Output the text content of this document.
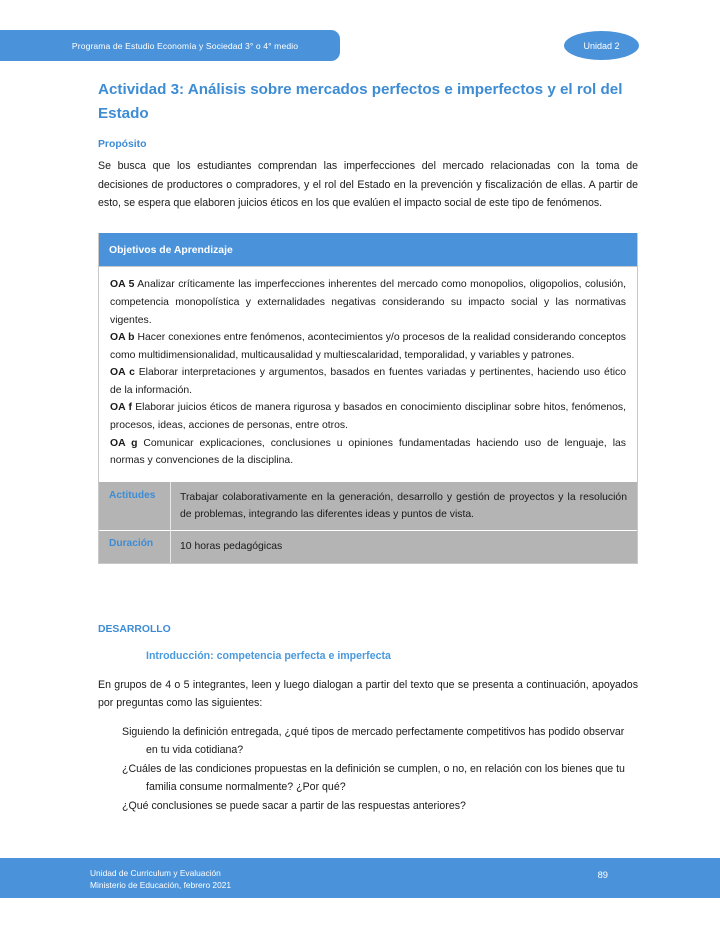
Programa de Estudio Economía y Sociedad 3° o 4° medio	Unidad 2
Actividad 3: Análisis sobre mercados perfectos e imperfectos y el rol del Estado
Propósito

Se busca que los estudiantes comprendan las imperfecciones del mercado relacionadas con la toma de decisiones de productores o compradores, y el rol del Estado en la prevención y fiscalización de ellas. A partir de esto, se espera que elaboren juicios éticos en los que evalúen el impacto social de este tipo de fenómenos.

Objetivos de Aprendizaje

OA 5 Analizar críticamente las imperfecciones inherentes del mercado como monopolios, oligopolios, colusión, competencia monopolística y externalidades negativas considerando su impacto social y las normativas vigentes.

OA b Hacer conexiones entre fenómenos, acontecimientos y/o procesos de la realidad considerando conceptos como multidimensionalidad, multicausalidad y multiescalaridad, temporalidad, y variables y patrones.

OA c Elaborar interpretaciones y argumentos, basados en fuentes variadas y pertinentes, haciendo uso ético de la información.

OA f Elaborar juicios éticos de manera rigurosa y basados en conocimiento disciplinar sobre hitos, fenómenos, procesos, ideas, acciones de personas, entre otros.

OA g Comunicar explicaciones, conclusiones u opiniones fundamentadas haciendo uso de lenguaje, las normas y convenciones de la disciplina.

Actitudes	Trabajar colaborativamente en la generación, desarrollo y gestión de proyectos y la resolución de problemas, integrando las diferentes ideas y puntos de vista.
Duración	10 horas pedagógicas
DESARROLLO
Introducción: competencia perfecta e imperfecta

En grupos de 4 o 5 integrantes, leen y luego dialogan a partir del texto que se presenta a continuación, apoyados por preguntas como las siguientes:

Siguiendo la definición entregada, ¿qué tipos de mercado perfectamente competitivos has podido observar en tu vida cotidiana?
¿Cuáles de las condiciones propuestas en la definición se cumplen, o no, en relación con los bienes que tu familia consume normalmente? ¿Por qué?
¿Qué conclusiones se puede sacar a partir de las respuestas anteriores?
Unidad de Curriculum y Evaluación
Ministerio de Educación, febrero 2021
89
